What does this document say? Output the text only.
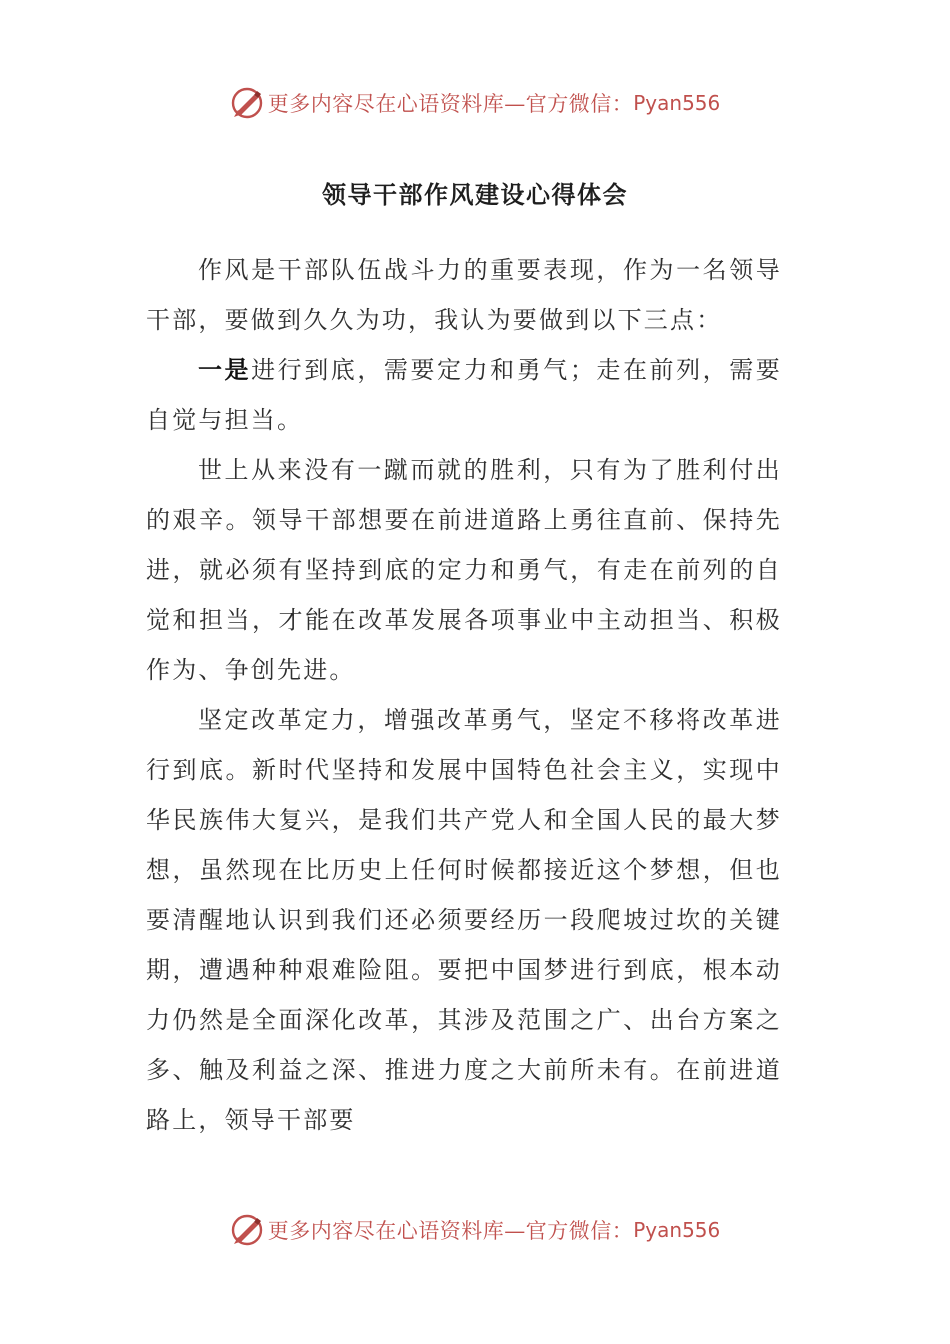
更多内容尽在心语资料库—官方微信： Pyan556
领导干部作风建设心得体会

作风是干部队伍战斗力的重要表现，作为一名领导干部，要做到久久为功，我认为要做到以下三点：

一是进行到底，需要定力和勇气；走在前列，需要自觉与担当。

世上从来没有一蹴而就的胜利，只有为了胜利付出的艰辛。领导干部想要在前进道路上勇往直前、保持先进，就必须有坚持到底的定力和勇气，有走在前列的自觉和担当，才能在改革发展各项事业中主动担当、积极作为、争创先进。

坚定改革定力，增强改革勇气，坚定不移将改革进行到底。新时代坚持和发展中国特色社会主义，实现中华民族伟大复兴，是我们共产党人和全国人民的最大梦想，虽然现在比历史上任何时候都接近这个梦想，但也要清醒地认识到我们还必须要经历一段爬坡过坎的关键期，遭遇种种艰难险阻。要把中国梦进行到底，根本动力仍然是全面深化改革，其涉及范围之广、出台方案之多、触及利益之深、推进力度之大前所未有。在前进道路上，领导干部要

更多内容尽在心语资料库—官方微信： Pyan556
